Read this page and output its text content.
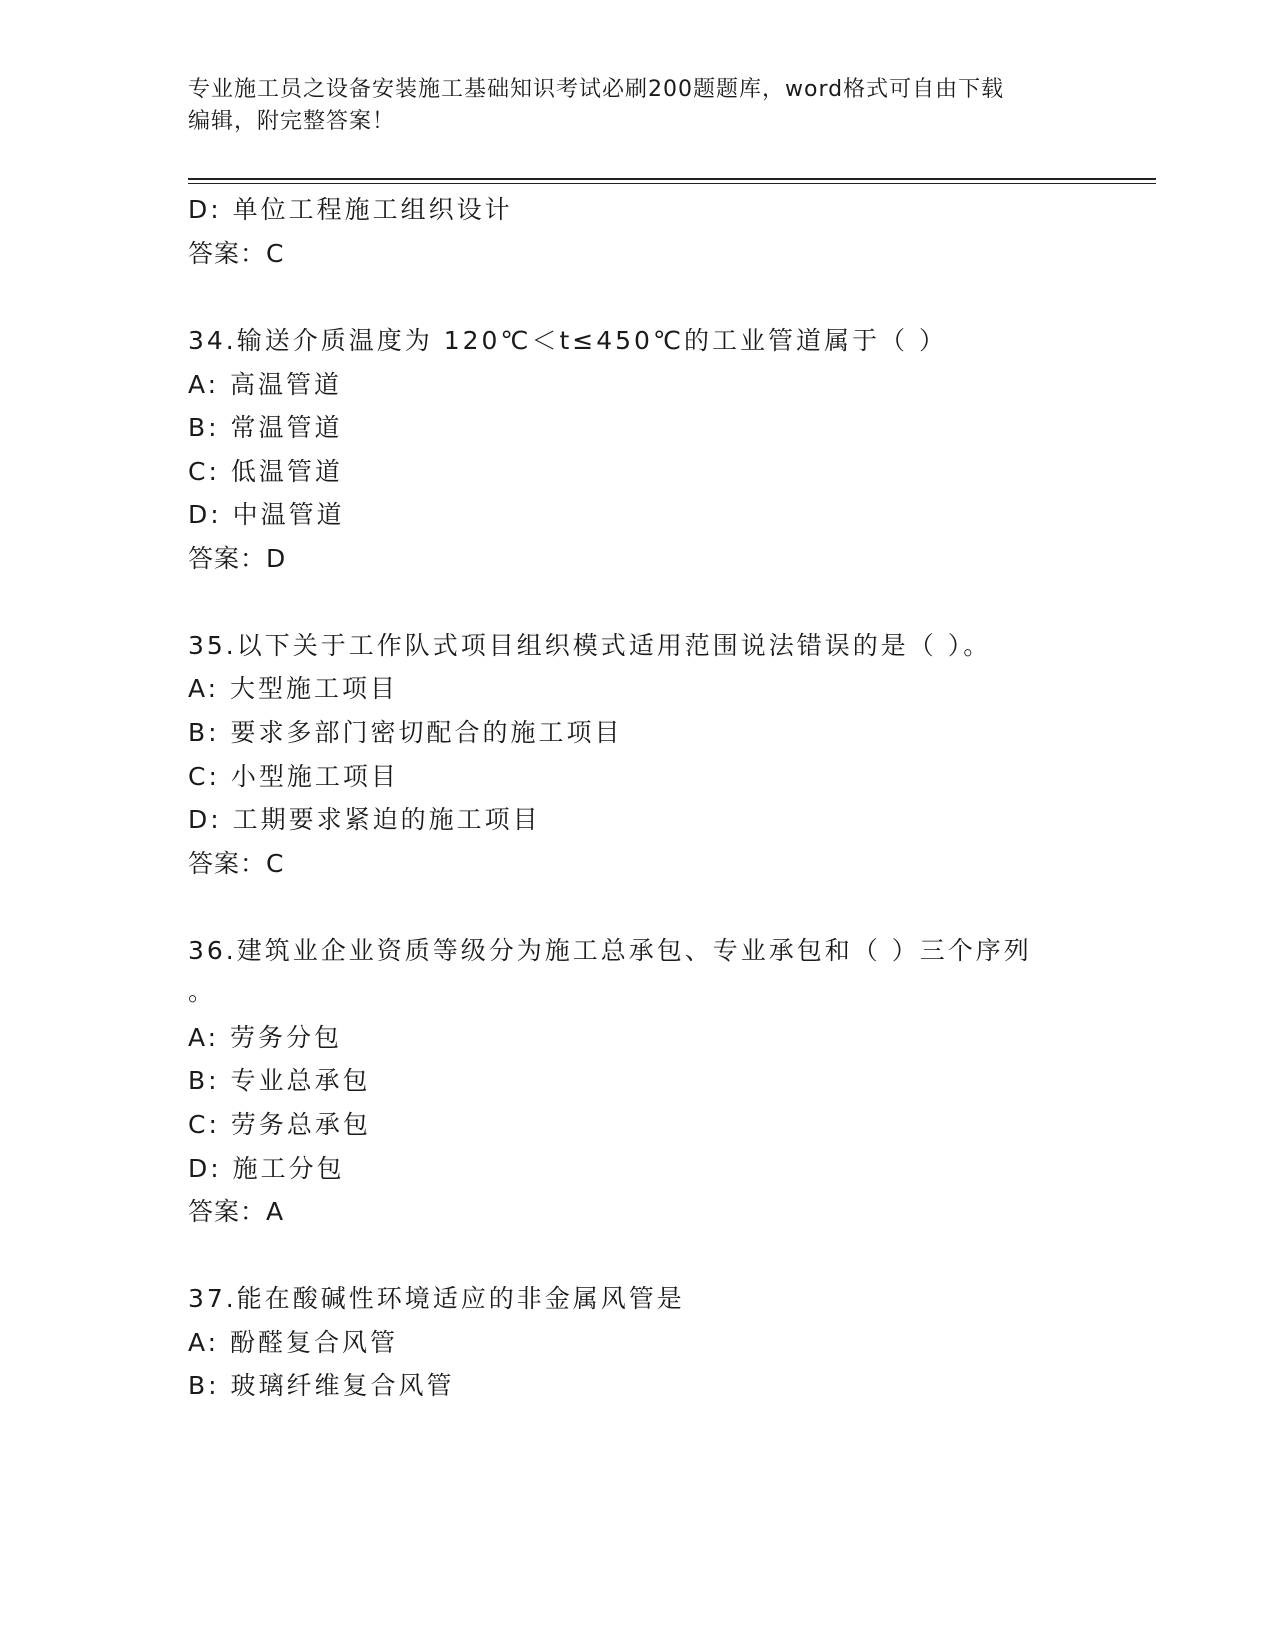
专业施工员之设备安装施工基础知识考试必刷200题题库，word格式可自由下载
编辑，附完整答案！
D: 单位工程施工组织设计
答案：C
34.输送介质温度为 120℃＜t≤450℃的工业管道属于（ ）
A: 高温管道
B: 常温管道
C: 低温管道
D: 中温管道
答案：D
35.以下关于工作队式项目组织模式适用范围说法错误的是（ ）。
A: 大型施工项目
B: 要求多部门密切配合的施工项目
C: 小型施工项目
D: 工期要求紧迫的施工项目
答案：C
36.建筑业企业资质等级分为施工总承包、专业承包和（ ）三个序列
。
A: 劳务分包
B: 专业总承包
C: 劳务总承包
D: 施工分包
答案：A
37.能在酸碱性环境适应的非金属风管是
A: 酚醛复合风管
B: 玻璃纤维复合风管
